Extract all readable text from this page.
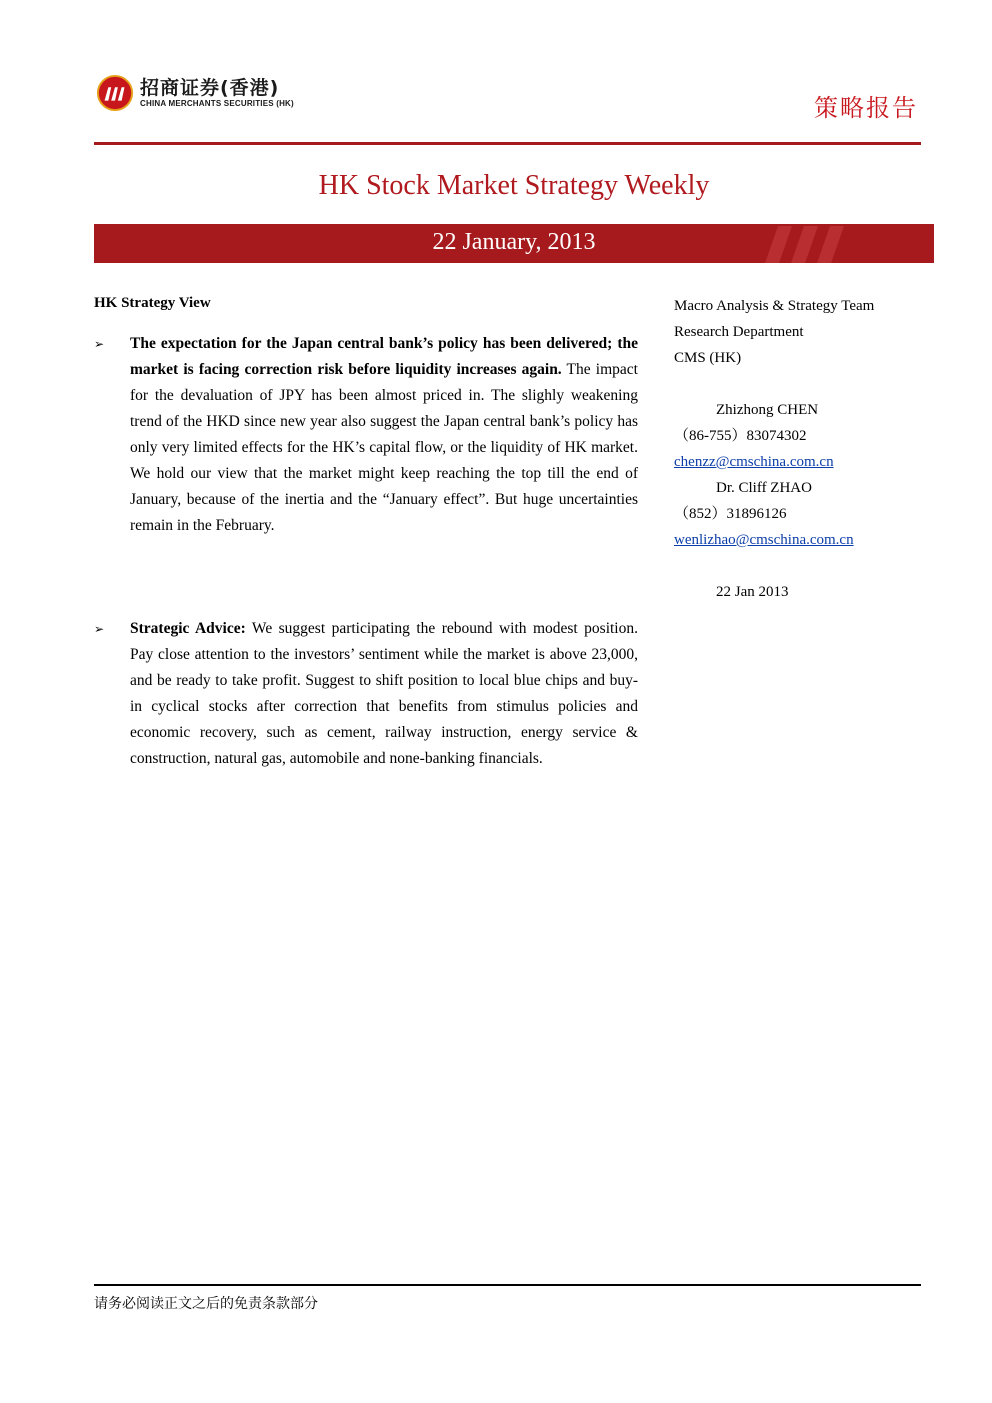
招商证券(香港)
CHINA MERCHANTS SECURITIES (HK)	策略报告
HK Stock Market Strategy Weekly
22 January, 2013
HK Strategy View
➢ The expectation for the Japan central bank’s policy has been delivered; the market is facing correction risk before liquidity increases again. The impact for the devaluation of JPY has been almost priced in. The slighly weakening trend of the HKD since new year also suggest the Japan central bank’s policy has only very limited effects for the HK’s capital flow, or the liquidity of HK market. We hold our view that the market might keep reaching the top till the end of January, because of the inertia and the “January effect”. But huge uncertainties remain in the February.
➢ Strategic Advice: We suggest participating the rebound with modest position. Pay close attention to the investors’ sentiment while the market is above 23,000, and be ready to take profit. Suggest to shift position to local blue chips and buy-in cyclical stocks after correction that benefits from stimulus policies and economic recovery, such as cement, railway instruction, energy service & construction, natural gas, automobile and none-banking financials.
Macro Analysis & Strategy Team
Research Department
CMS (HK)
Zhizhong CHEN
（86-755）83074302
chenzz@cmschina.com.cn
Dr. Cliff ZHAO
（852）31896126
wenlizhao@cmschina.com.cn
22 Jan 2013
请务必阅读正文之后的免责条款部分
